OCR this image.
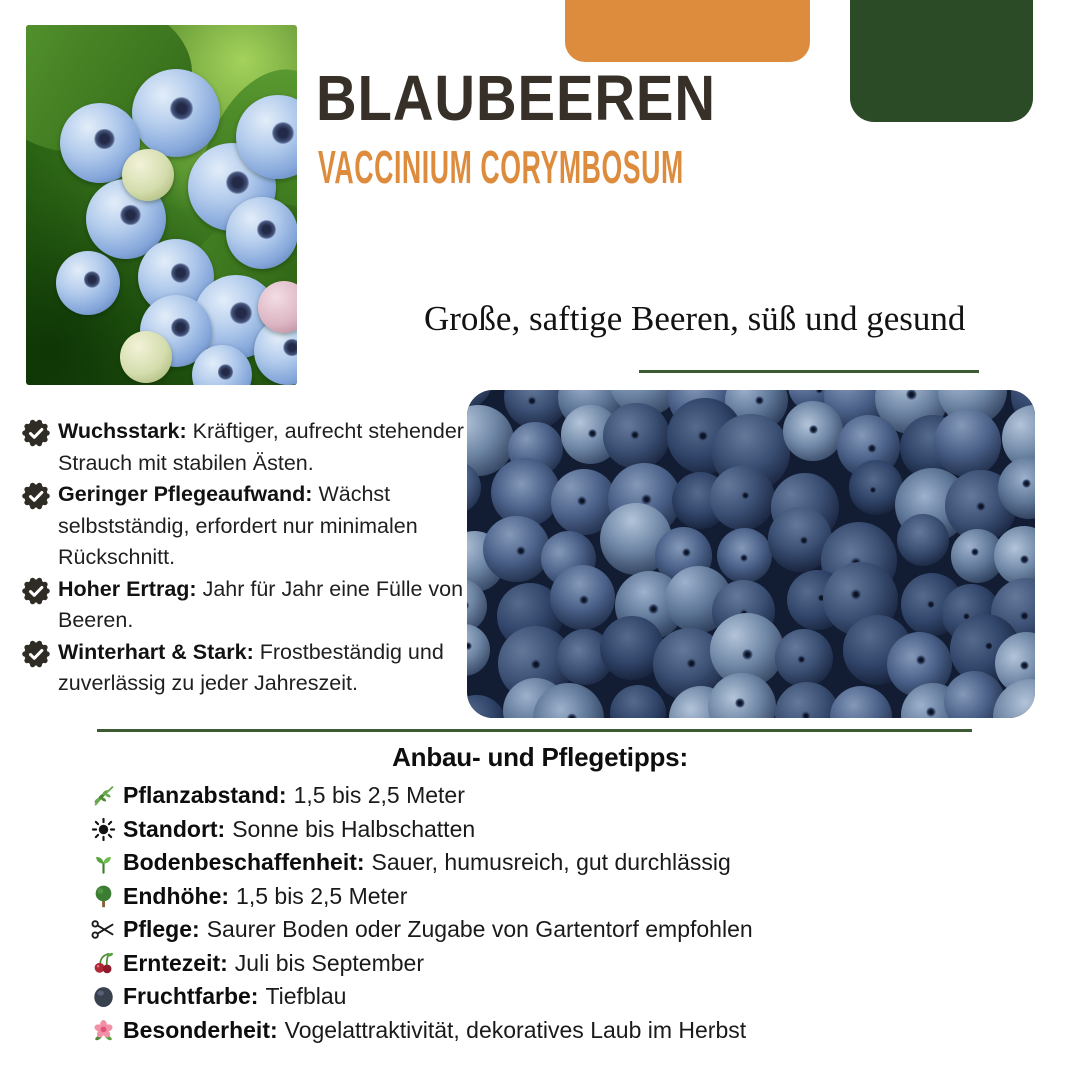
BLAUBEEREN
VACCINIUM CORYMBOSUM
Große, saftige Beeren, süß und gesund

Wuchsstark: Kräftiger, aufrecht stehender Strauch mit stabilen Ästen.

Geringer Pflegeaufwand: Wächst selbstständig, erfordert nur minimalen Rückschnitt.

Hoher Ertrag: Jahr für Jahr eine Fülle von Beeren.

Winterhart & Stark: Frostbeständig und zuverlässig zu jeder Jahreszeit.

Anbau- und Pflegetipps:
Pflanzabstand: 1,5 bis 2,5 Meter
Standort: Sonne bis Halbschatten
Bodenbeschaffenheit: Sauer, humusreich, gut durchlässig
Endhöhe: 1,5 bis 2,5 Meter
Pflege: Saurer Boden oder Zugabe von Gartentorf empfohlen
Erntezeit: Juli bis September
Fruchtfarbe: Tiefblau
Besonderheit: Vogelattraktivität, dekoratives Laub im Herbst
